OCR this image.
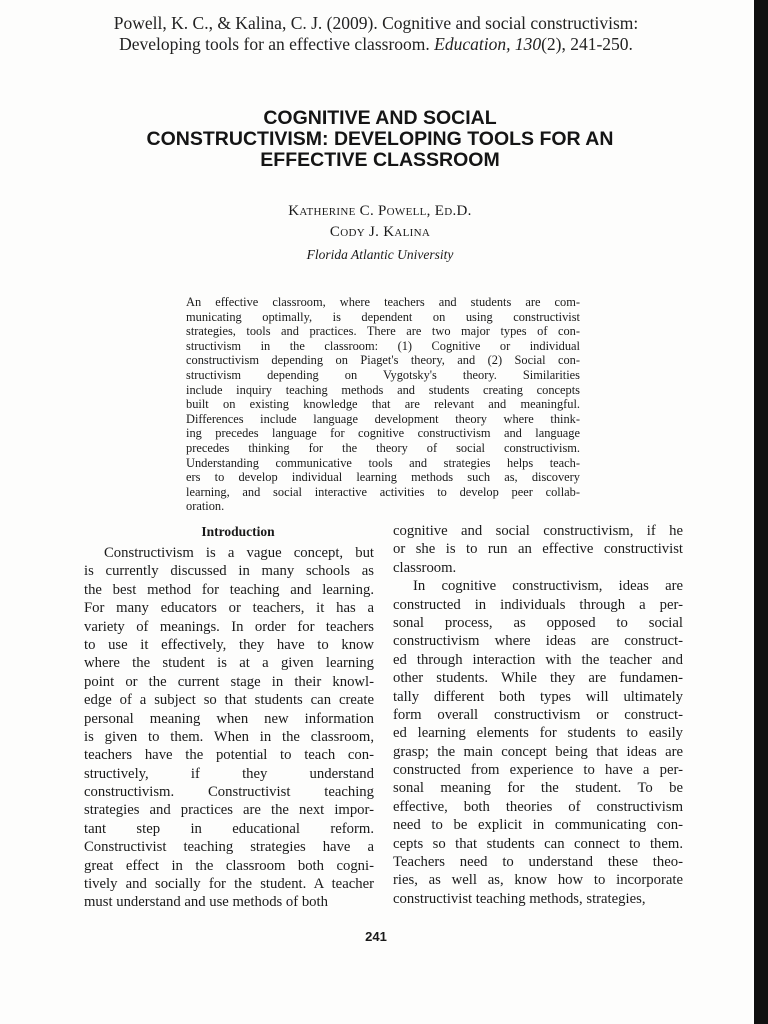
Powell, K. C., & Kalina, C. J. (2009). Cognitive and social constructivism:
Developing tools for an effective classroom. Education, 130(2), 241-250.
COGNITIVE AND SOCIAL
CONSTRUCTIVISM: DEVELOPING TOOLS FOR AN
EFFECTIVE CLASSROOM
Katherine C. Powell, Ed.D.
Cody J. Kalina
Florida Atlantic University
An effective classroom, where teachers and students are com-
municating optimally, is dependent on using constructivist
strategies, tools and practices. There are two major types of con-
structivism in the classroom: (1) Cognitive or individual
constructivism depending on Piaget's theory, and (2) Social con-
structivism depending on Vygotsky's theory. Similarities
include inquiry teaching methods and students creating concepts
built on existing knowledge that are relevant and meaningful.
Differences include language development theory where think-
ing precedes language for cognitive constructivism and language
precedes thinking for the theory of social constructivism.
Understanding communicative tools and strategies helps teach-
ers to develop individual learning methods such as, discovery
learning, and social interactive activities to develop peer collab-
oration.
Introduction
Constructivism is a vague concept, but
is currently discussed in many schools as
the best method for teaching and learning.
For many educators or teachers, it has a
variety of meanings. In order for teachers
to use it effectively, they have to know
where the student is at a given learning
point or the current stage in their knowl-
edge of a subject so that students can create
personal meaning when new information
is given to them. When in the classroom,
teachers have the potential to teach con-
structively, if they understand
constructivism. Constructivist teaching
strategies and practices are the next impor-
tant step in educational reform.
Constructivist teaching strategies have a
great effect in the classroom both cogni-
tively and socially for the student. A teacher
must understand and use methods of both
cognitive and social constructivism, if he
or she is to run an effective constructivist
classroom.
In cognitive constructivism, ideas are
constructed in individuals through a per-
sonal process, as opposed to social
constructivism where ideas are construct-
ed through interaction with the teacher and
other students. While they are fundamen-
tally different both types will ultimately
form overall constructivism or construct-
ed learning elements for students to easily
grasp; the main concept being that ideas are
constructed from experience to have a per-
sonal meaning for the student. To be
effective, both theories of constructivism
need to be explicit in communicating con-
cepts so that students can connect to them.
Teachers need to understand these theo-
ries, as well as, know how to incorporate
constructivist teaching methods, strategies,
241
